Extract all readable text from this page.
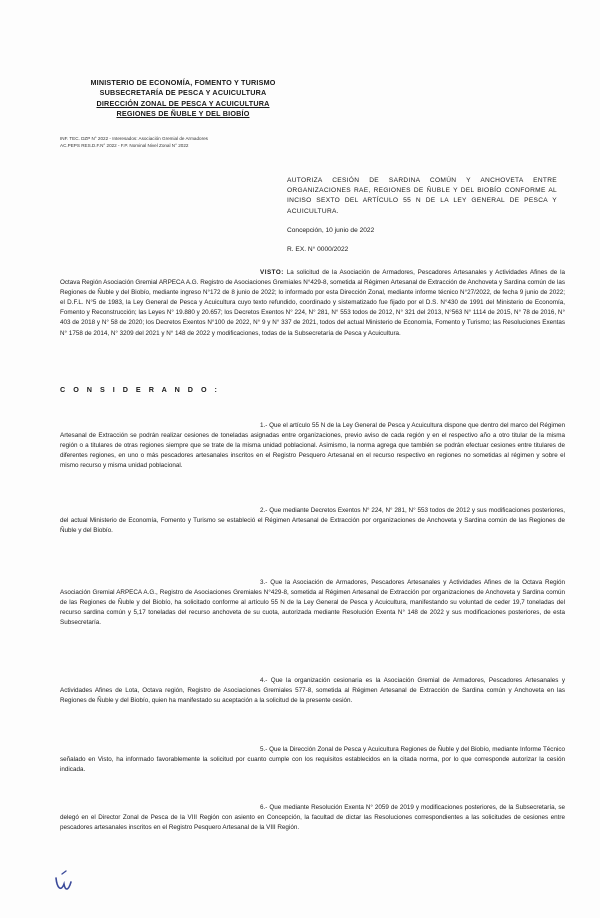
MINISTERIO DE ECONOMÍA, FOMENTO Y TURISMO
SUBSECRETARÍA DE PESCA Y ACUICULTURA
DIRECCIÓN ZONAL DE PESCA Y ACUICULTURA
REGIONES DE ÑUBLE Y DEL BIOBÍO
INF. TEC. DZP N° 2022 - Interesados: Asociación Gremial de Armadores
AC.PEPS RES.D.F.N° 2022 - F.P. Nominal Nivel Zonal N° 2022
AUTORIZA CESIÓN DE SARDINA COMÚN Y ANCHOVETA ENTRE ORGANIZACIONES RAE, REGIONES DE ÑUBLE Y DEL BIOBÍO CONFORME AL INCISO SEXTO DEL ARTÍCULO 55 N DE LA LEY GENERAL DE PESCA Y ACUICULTURA.
Concepción, 10 junio de 2022
R. EX. N° 0000/2022
VISTO: La solicitud de la Asociación de Armadores, Pescadores Artesanales y Actividades Afines de la Octava Región Asociación Gremial ARPECA A.G. Registro de Asociaciones Gremiales N°429-8, sometida al Régimen Artesanal de Extracción de Anchoveta y Sardina común de las Regiones de Ñuble y del Biobío, mediante ingreso N°172 de 8 junio de 2022; lo informado por esta Dirección Zonal, mediante informe técnico N°27/2022, de fecha 9 junio de 2022; el D.F.L. N°5 de 1983, la Ley General de Pesca y Acuicultura cuyo texto refundido, coordinado y sistematizado fue fijado por el D.S. N°430 de 1991 del Ministerio de Economía, Fomento y Reconstrucción; las Leyes N° 19.880 y 20.657; los Decretos Exentos N° 224, N° 281, N° 553 todos de 2012, N° 321 del 2013, N°563 N° 1114 de 2015, N° 78 de 2016, N° 403 de 2018 y N° 58 de 2020; los Decretos Exentos N°100 de 2022, N° 9 y N° 337 de 2021, todos del actual Ministerio de Economía, Fomento y Turismo; las Resoluciones Exentas N° 1758 de 2014, N° 3209 del 2021 y N° 148 de 2022 y modificaciones, todas de la Subsecretaría de Pesca y Acuicultura.
C O N S I D E R A N D O :
1.- Que el artículo 55 N de la Ley General de Pesca y Acuicultura dispone que dentro del marco del Régimen Artesanal de Extracción se podrán realizar cesiones de toneladas asignadas entre organizaciones, previo aviso de cada región y en el respectivo año a otro titular de la misma región o a titulares de otras regiones siempre que se trate de la misma unidad poblacional. Asimismo, la norma agrega que también se podrán efectuar cesiones entre titulares de diferentes regiones, en uno o más pescadores artesanales inscritos en el Registro Pesquero Artesanal en el recurso respectivo en regiones no sometidas al régimen y sobre el mismo recurso y misma unidad poblacional.
2.- Que mediante Decretos Exentos N° 224, N° 281, N° 553 todos de 2012 y sus modificaciones posteriores, del actual Ministerio de Economía, Fomento y Turismo se estableció el Régimen Artesanal de Extracción por organizaciones de Anchoveta y Sardina común de las Regiones de Ñuble y del Biobío.
3.- Que la Asociación de Armadores, Pescadores Artesanales y Actividades Afines de la Octava Región Asociación Gremial ARPECA A.G., Registro de Asociaciones Gremiales N°429-8, sometida al Régimen Artesanal de Extracción por organizaciones de Anchoveta y Sardina común de las Regiones de Ñuble y del Biobío, ha solicitado conforme al artículo 55 N de la Ley General de Pesca y Acuicultura, manifestando su voluntad de ceder 19,7 toneladas del recurso sardina común y 5,17 toneladas del recurso anchoveta de su cuota, autorizada mediante Resolución Exenta N° 148 de 2022 y sus modificaciones posteriores, de esta Subsecretaría.
4.- Que la organización cesionaria es la Asociación Gremial de Armadores, Pescadores Artesanales y Actividades Afines de Lota, Octava región, Registro de Asociaciones Gremiales 577-8, sometida al Régimen Artesanal de Extracción de Sardina común y Anchoveta en las Regiones de Ñuble y del Biobío, quien ha manifestado su aceptación a la solicitud de la presente cesión.
5.- Que la Dirección Zonal de Pesca y Acuicultura Regiones de Ñuble y del Biobío, mediante Informe Técnico señalado en Visto, ha informado favorablemente la solicitud por cuanto cumple con los requisitos establecidos en la citada norma, por lo que corresponde autorizar la cesión indicada.
6.- Que mediante Resolución Exenta N° 2059 de 2019 y modificaciones posteriores, de la Subsecretaría, se delegó en el Director Zonal de Pesca de la VIII Región con asiento en Concepción, la facultad de dictar las Resoluciones correspondientes a las solicitudes de cesiones entre pescadores artesanales inscritos en el Registro Pesquero Artesanal de la VIII Región.
